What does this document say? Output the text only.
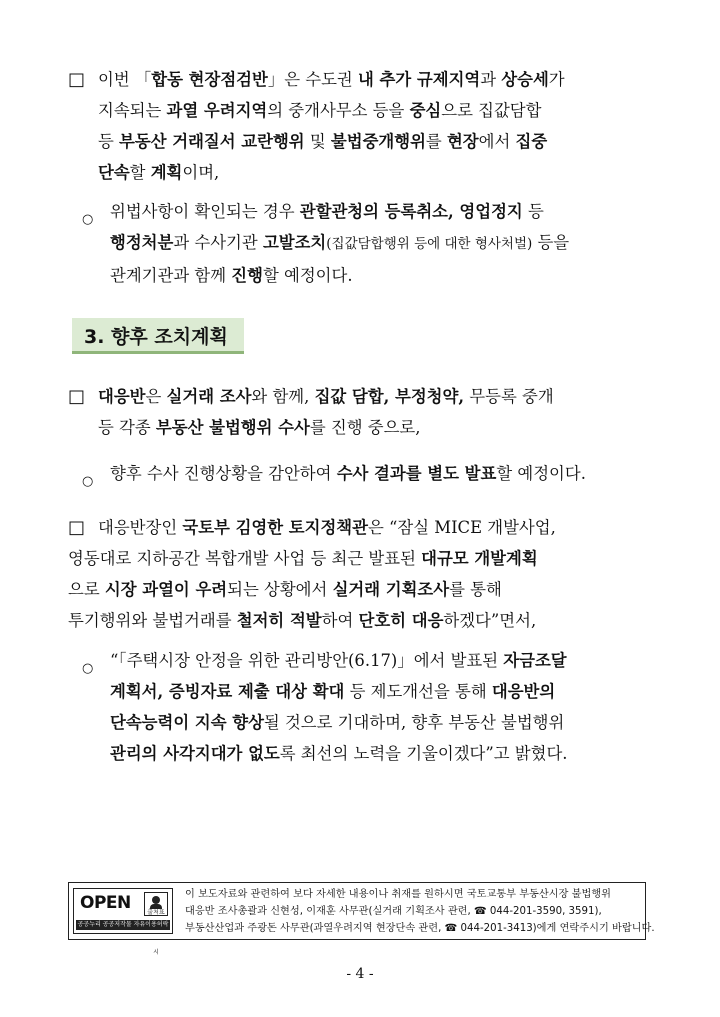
□ 이번 「합동 현장점검반」은 수도권 내 추가 규제지역과 상승세가
지속되는 과열 우려지역의 중개사무소 등을 중심으로 집값담합
등 부동산 거래질서 교란행위 및 불법중개행위를 현장에서 집중
단속할 계획이며,
○ 위법사항이 확인되는 경우 관할관청의 등록취소, 영업정지 등
행정처분과 수사기관 고발조치(집값담합행위 등에 대한 형사처벌) 등을
관계기관과 함께 진행할 예정이다.
3. 향후 조치계획
□ 대응반은 실거래 조사와 함께, 집값 담합, 부정청약, 무등록 중개
등 각종 부동산 불법행위 수사를 진행 중으로,
○ 향후 수사 진행상황을 감안하여 수사 결과를 별도 발표할 예정이다.
□ 대응반장인 국토부 김영한 토지정책관은 “잠실 MICE 개발사업,
영동대로 지하공간 복합개발 사업 등 최근 발표된 대규모 개발계획
으로 시장 과열이 우려되는 상황에서 실거래 기획조사를 통해
투기행위와 불법거래를 철저히 적발하여 단호히 대응하겠다”면서,
○ “「주택시장 안정을 위한 관리방안(6.17)」에서 발표된 자금조달
계획서, 증빙자료 제출 대상 확대 등 제도개선을 통해 대응반의
단속능력이 지속 향상될 것으로 기대하며, 향후 부동산 불법행위
관리의 사각지대가 없도록 최선의 노력을 기울이겠다”고 밝혔다.
OPEN	출처표시
공공누리 공공저작물 자유이용허락
이 보도자료와 관련하여 보다 자세한 내용이나 취재를 원하시면 국토교통부 부동산시장 불법행위
대응반 조사총괄과 신현성, 이재훈 사무관(실거래 기획조사 관련, ☎ 044-201-3590, 3591),
부동산산업과 주광돈 사무관(과열우려지역 현장단속 관련, ☎ 044-201-3413)에게 연락주시기 바랍니다.
- 4 -
